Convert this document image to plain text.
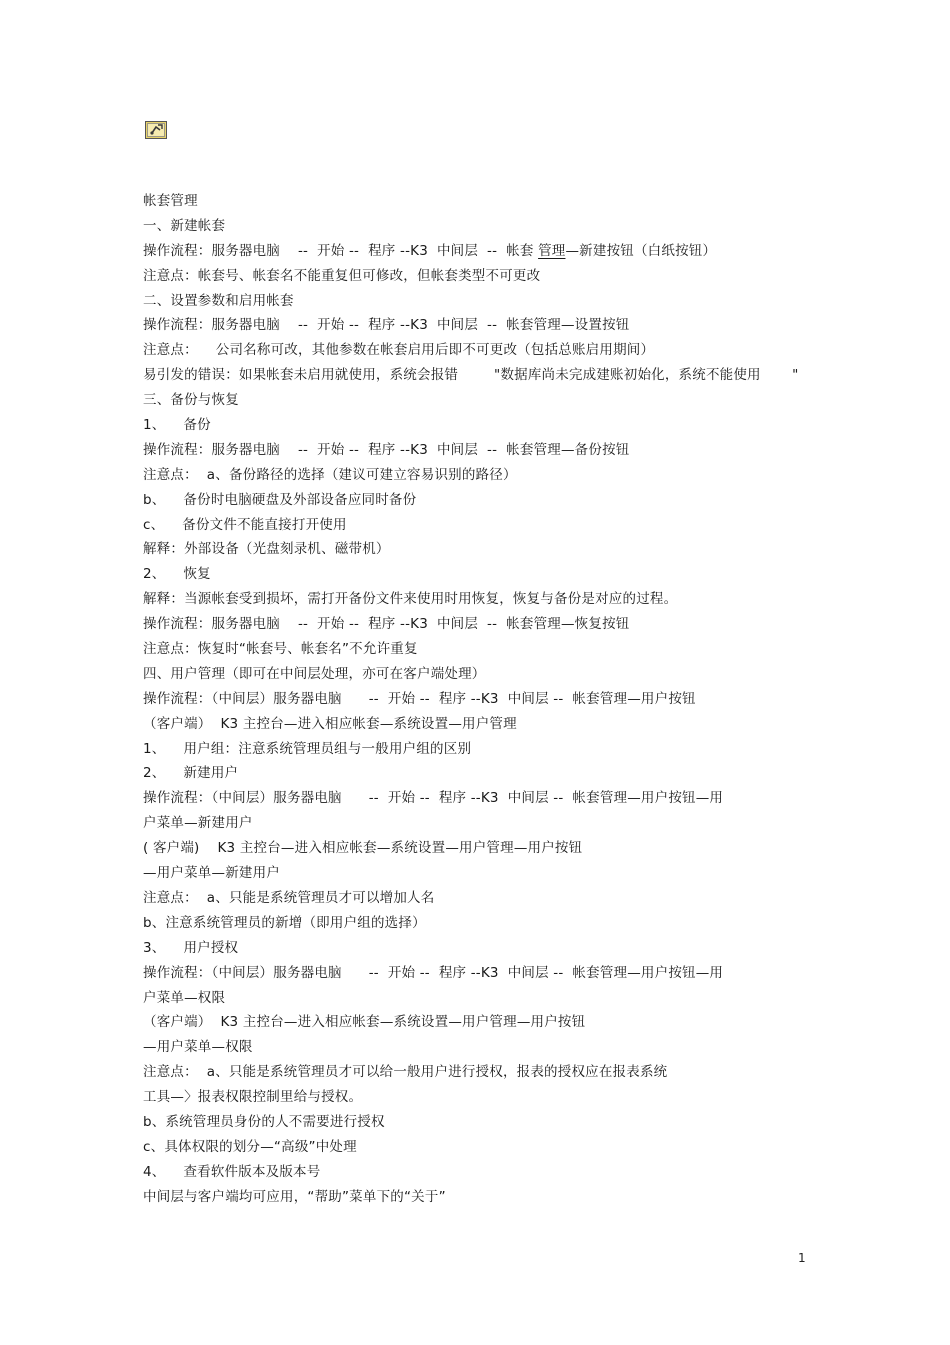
帐套管理
一、新建帐套
操作流程：服务器电脑    --  开始 --  程序 --K3  中间层  --  帐套 管理—新建按钮（白纸按钮）
注意点：帐套号、帐套名不能重复但可修改，但帐套类型不可更改
二、设置参数和启用帐套
操作流程：服务器电脑    --  开始 --  程序 --K3  中间层  --  帐套管理—设置按钮
注意点：    公司名称可改，其他参数在帐套启用后即不可更改（包括总账启用期间）
易引发的错误：如果帐套未启用就使用，系统会报错        "数据库尚未完成建账初始化，系统不能使用       "
三、备份与恢复
1、    备份
操作流程：服务器电脑    --  开始 --  程序 --K3  中间层  --  帐套管理—备份按钮
注意点：  a、备份路径的选择（建议可建立容易识别的路径）
b、    备份时电脑硬盘及外部设备应同时备份
c、    备份文件不能直接打开使用
解释：外部设备（光盘刻录机、磁带机）
2、    恢复
解释：当源帐套受到损坏，需打开备份文件来使用时用恢复，恢复与备份是对应的过程。
操作流程：服务器电脑    --  开始 --  程序 --K3  中间层  --  帐套管理—恢复按钮
注意点：恢复时“帐套号、帐套名”不允许重复
四、用户管理（即可在中间层处理，亦可在客户端处理）
操作流程：（中间层）服务器电脑      --  开始 --  程序 --K3  中间层 --  帐套管理—用户按钮
（客户端）  K3 主控台—进入相应帐套—系统设置—用户管理
1、    用户组：注意系统管理员组与一般用户组的区别
2、    新建用户
操作流程：（中间层）服务器电脑      --  开始 --  程序 --K3  中间层 --  帐套管理—用户按钮—用
户菜单—新建用户
( 客户端)    K3 主控台—进入相应帐套—系统设置—用户管理—用户按钮
—用户菜单—新建用户
注意点：  a、只能是系统管理员才可以增加人名
b、注意系统管理员的新增（即用户组的选择）
3、    用户授权
操作流程：（中间层）服务器电脑      --  开始 --  程序 --K3  中间层 --  帐套管理—用户按钮—用
户菜单—权限
（客户端）  K3 主控台—进入相应帐套—系统设置—用户管理—用户按钮
—用户菜单—权限
注意点：  a、只能是系统管理员才可以给一般用户进行授权，报表的授权应在报表系统
工具—〉报表权限控制里给与授权。
b、系统管理员身份的人不需要进行授权
c、具体权限的划分—“高级”中处理
4、    查看软件版本及版本号
中间层与客户端均可应用，“帮助”菜单下的“关于”
1
